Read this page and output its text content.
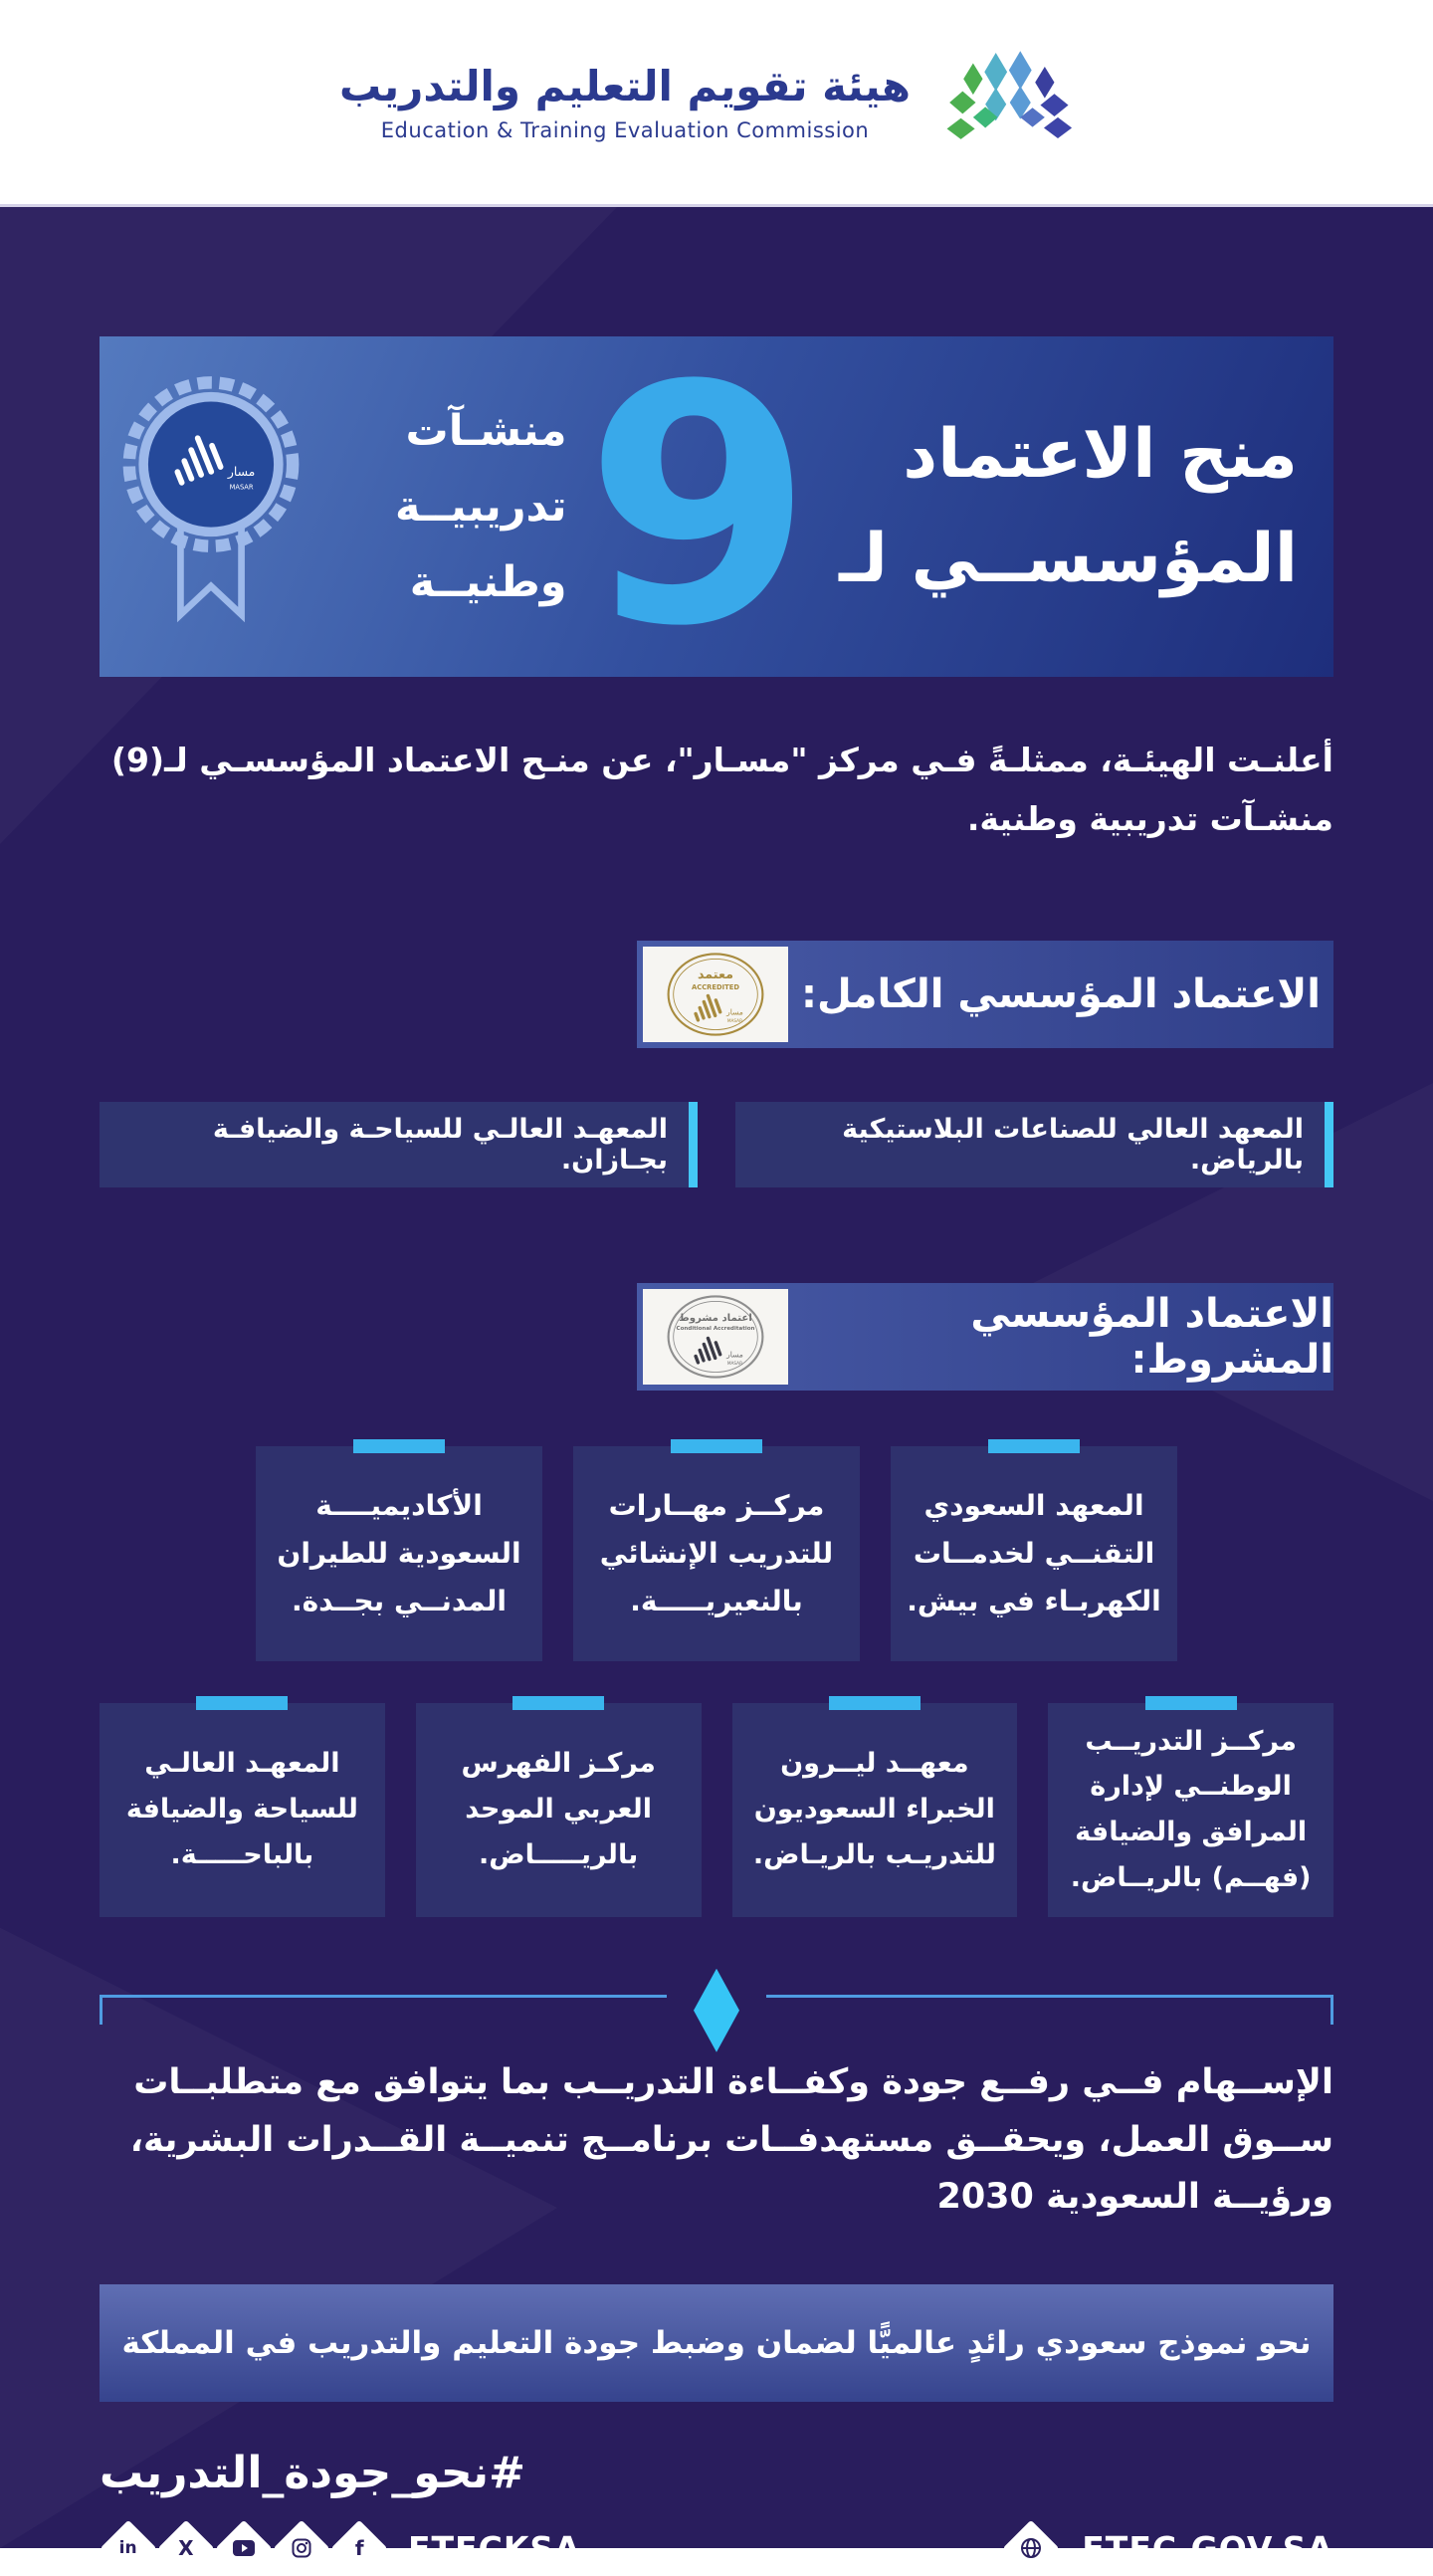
هيئة تقويم التعليم والتدريب
Education & Training Evaluation Commission
منح الاعتماد
المؤسســي لـ
9
منشـآت
تدريبيــة
وطنيــة
مسار
MASAR

أعلنـت الهيئـة، ممثلـةً فـي مركز "مسـار"، عن منـح الاعتماد المؤسسـي لـ(9) منشـآت تدريبية وطنية.

معتمد
ACCREDITED
مسار
MASAR
الاعتماد المؤسسي الكامل:
المعهد العالي للصناعات البلاستيكية بالرياض.
المعهـد العالـي للسياحـة والضيافـة بجـازان.
اعتماد مشروط
Conditional Accreditation
مسار
MASAR
الاعتماد المؤسسي المشروط:
المعهد السعودي التقنــي لخدمــات الكهربـاء في بيش.
مركــز مهــارات للتدريب الإنشائي بالنعيريـــــة.
الأكاديميــــة السعودية للطيران المدنــي بجــدة.
مركــز التدريــب الوطنــي لإدارة المرافق والضيافة (فهــم) بالريــاض.
معهــد ليــرون الخبراء السعوديون للتدريـب بالريـاض.
مركـز الفهرس العربي الموحد بالريـــــاض.
المعهـد العالـي للسياحة والضيافة بالباحـــــة.

الإســهام فــي رفــع جودة وكفــاءة التدريــب بما يتوافق مع متطلبــات ســوق العمل، ويحقــق مستهدفــات برنامــج تنميــة القــدرات البشرية، ورؤيــة السعودية 2030

نحو نموذج سعودي رائدٍ عالميًّا لضمان وضبط جودة التعليم والتدريب في المملكة
#نحو_جودة_التدريب
in X	f ETECKSA	ETEC.GOV.SA
